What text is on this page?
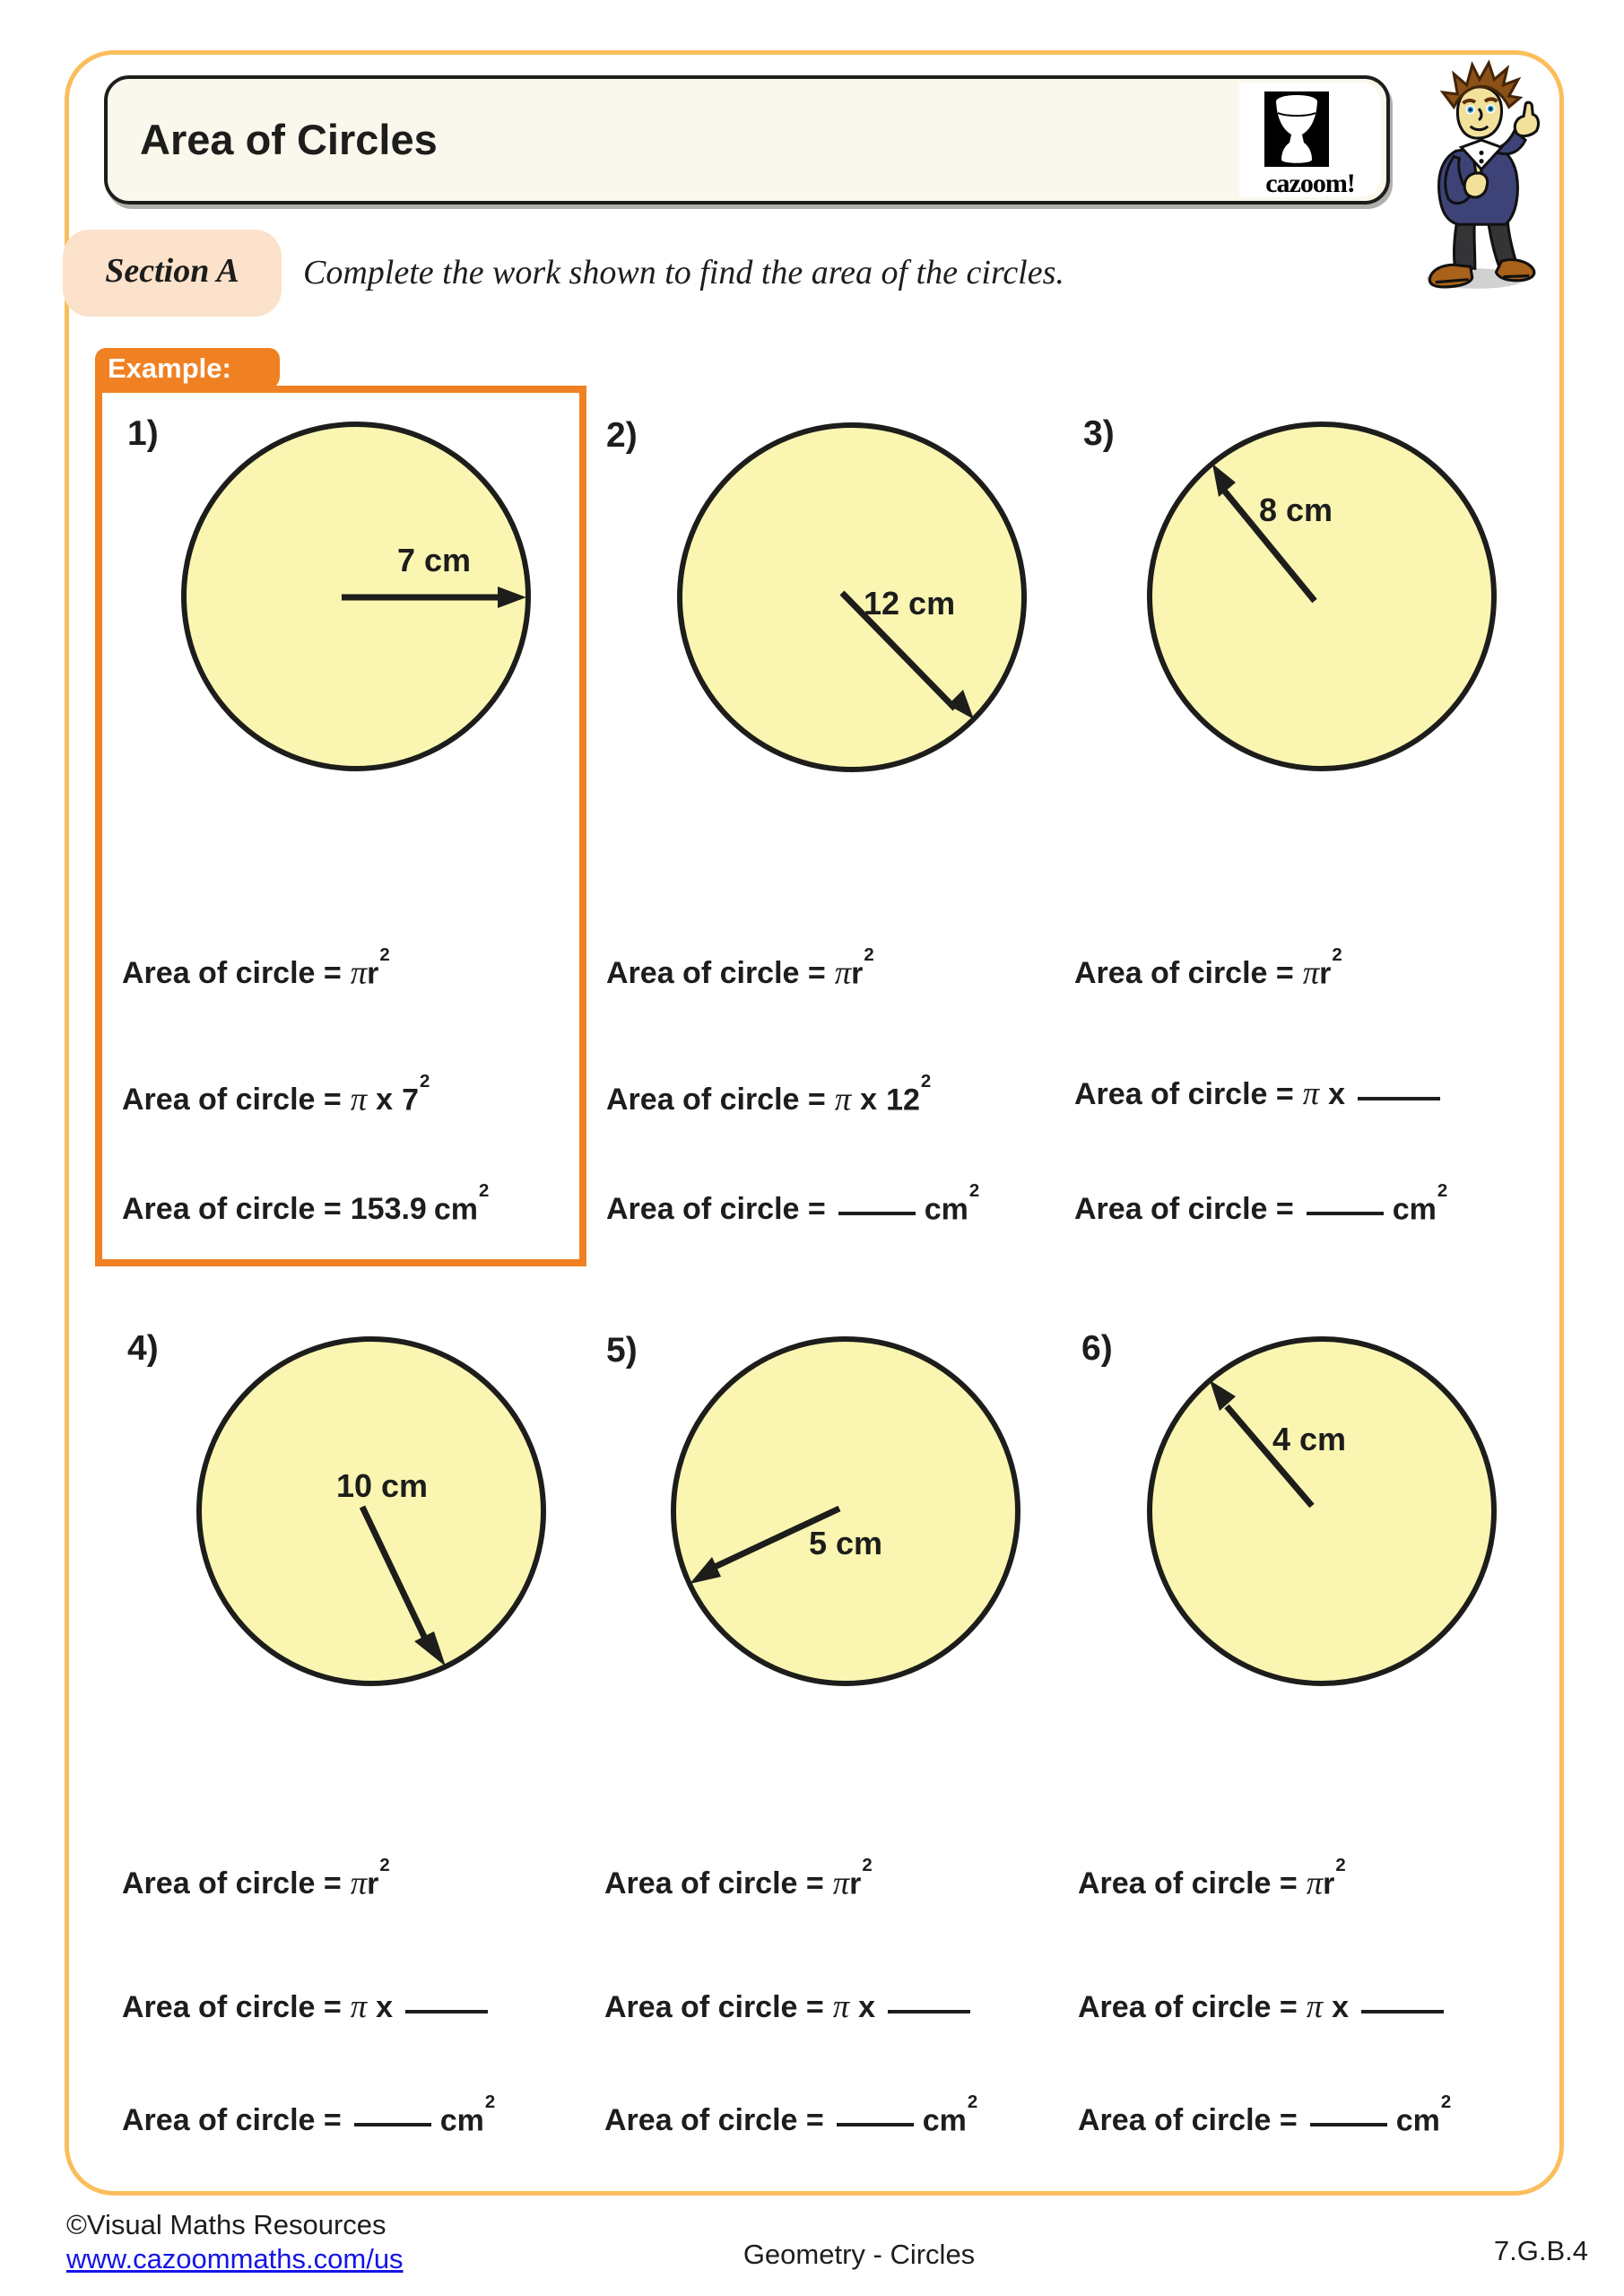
Area of Circles
cazoom!
Section A	Complete the work shown to find the area of the circles.
Example:
1)	2)	3)
4)	5)	6)
7 cm
12 cm
8 cm
10 cm
5 cm
4 cm
Area of circle = $\pi r^2$
Area of circle = π x $7^2$
Area of circle = 153.9 $cm^2$
Area of circle = $\pi r^2$
Area of circle = π x $12^2$
Area of circle =	$cm^2$
Area of circle = $\pi r^2$
Area of circle = π x
Area of circle =	$cm^2$
Area of circle = $\pi r^2$
Area of circle = π x
Area of circle =	$cm^2$
Area of circle = $\pi r^2$
Area of circle = π x
Area of circle =	$cm^2$
Area of circle = $\pi r^2$
Area of circle = π x
Area of circle =	$cm^2$
©Visual Maths Resources
www.cazoommaths.com/us	Geometry - Circles	7.G.B.4
